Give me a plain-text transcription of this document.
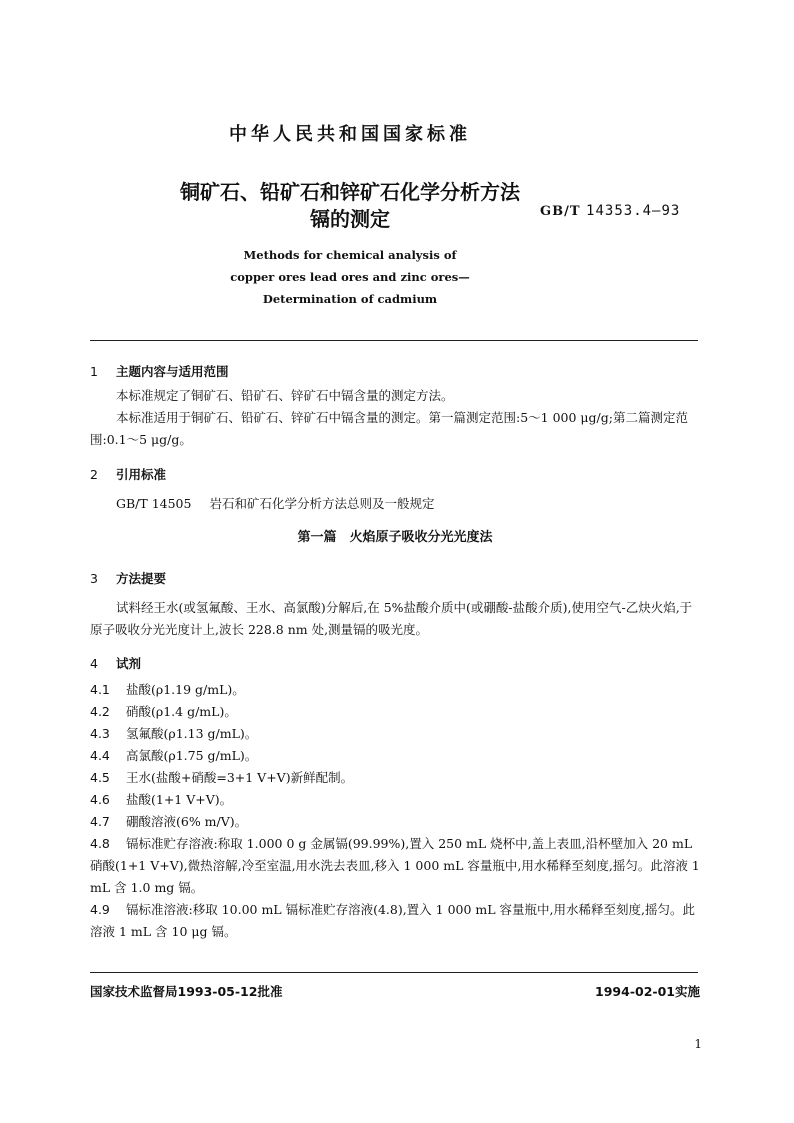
中华人民共和国国家标准
铜矿石、铅矿石和锌矿石化学分析方法
镉的测定	GB/T 14353.4—93
Methods for chemical analysis of
copper ores lead ores and zinc ores—
Determination of cadmium
1 主题内容与适用范围
本标准规定了铜矿石、铅矿石、锌矿石中镉含量的测定方法。
本标准适用于铜矿石、铅矿石、锌矿石中镉含量的测定。第一篇测定范围:5～1 000 μg/g;第二篇测定范围:0.1～5 μg/g。
2 引用标准
GB/T 14505 岩石和矿石化学分析方法总则及一般规定
第一篇　火焰原子吸收分光光度法
3 方法提要
试料经王水(或氢氟酸、王水、高氯酸)分解后,在 5%盐酸介质中(或硼酸-盐酸介质),使用空气-乙炔火焰,于原子吸收分光光度计上,波长 228.8 nm 处,测量镉的吸光度。
4 试剂
4.1 盐酸(ρ1.19 g/mL)。
4.2 硝酸(ρ1.4 g/mL)。
4.3 氢氟酸(ρ1.13 g/mL)。
4.4 高氯酸(ρ1.75 g/mL)。
4.5 王水(盐酸+硝酸=3+1 V+V)新鲜配制。
4.6 盐酸(1+1 V+V)。
4.7 硼酸溶液(6% m/V)。
4.8 镉标准贮存溶液:称取 1.000 0 g 金属镉(99.99%),置入 250 mL 烧杯中,盖上表皿,沿杯壁加入 20 mL 硝酸(1+1 V+V),微热溶解,冷至室温,用水洗去表皿,移入 1 000 mL 容量瓶中,用水稀释至刻度,摇匀。此溶液 1 mL 含 1.0 mg 镉。
4.9 镉标准溶液:移取 10.00 mL 镉标准贮存溶液(4.8),置入 1 000 mL 容量瓶中,用水稀释至刻度,摇匀。此溶液 1 mL 含 10 μg 镉。
国家技术监督局1993-05-12批准	1994-02-01实施
1
